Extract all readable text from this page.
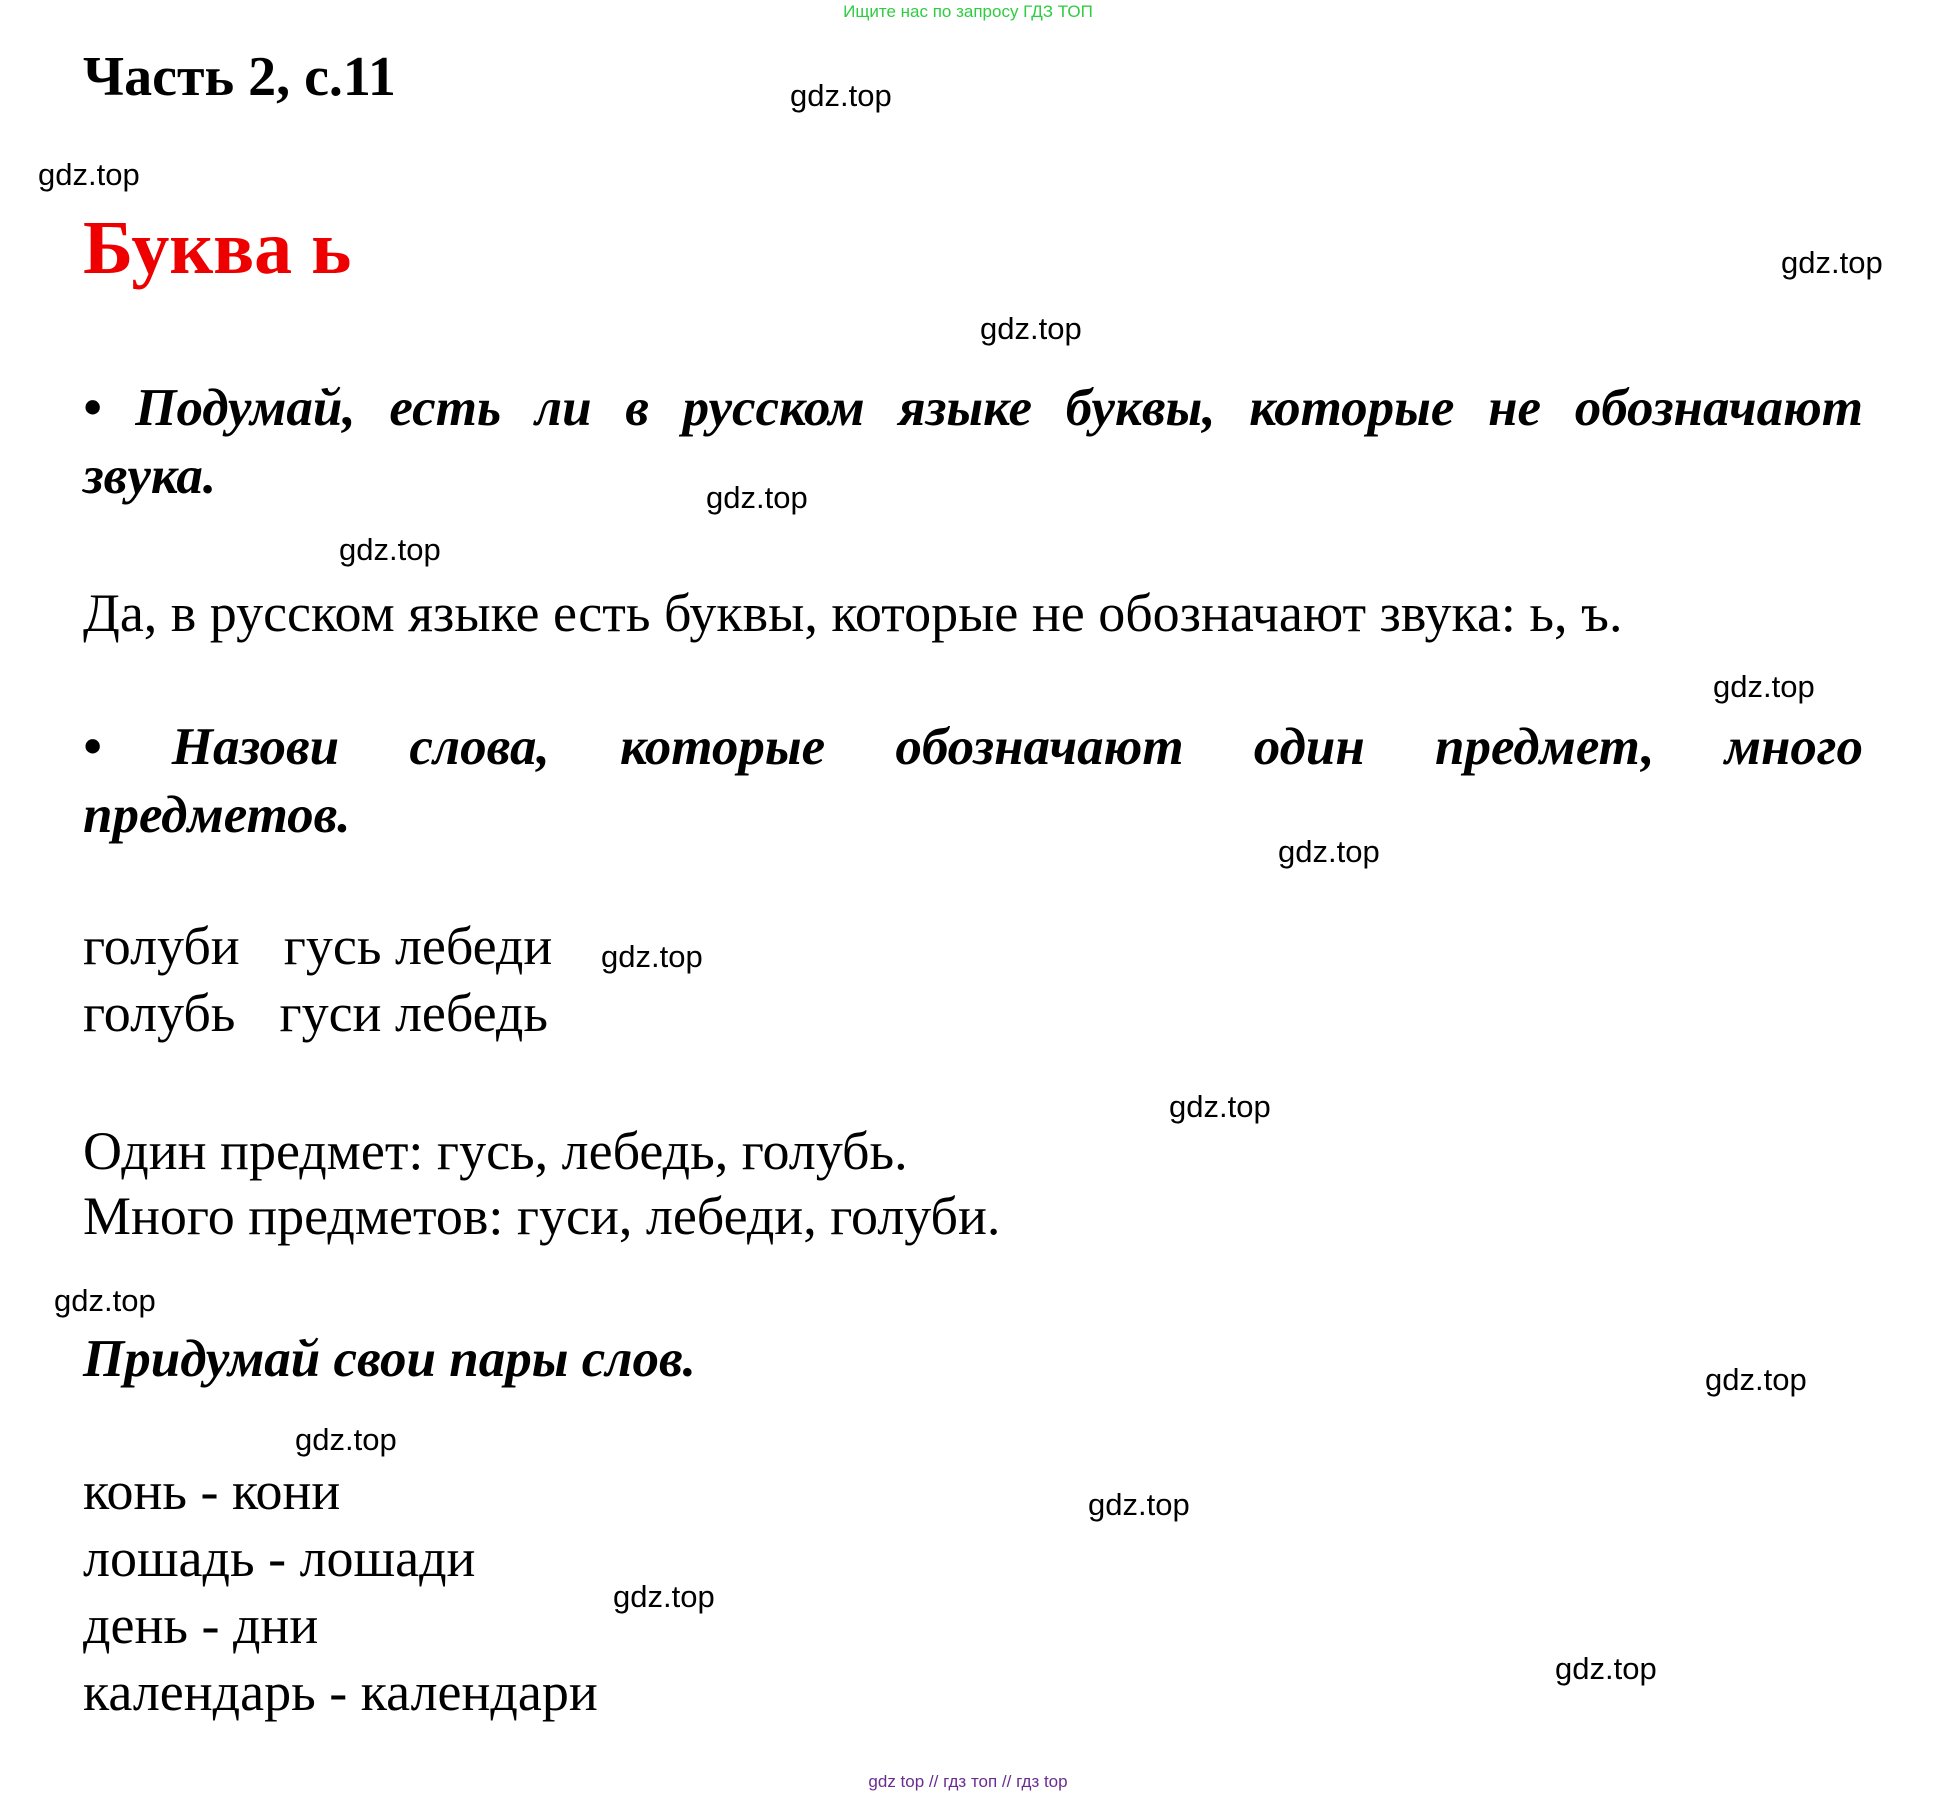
Ищите нас по запросу ГДЗ ТОП
Часть 2, с.11
Буква ь
• Подумай, есть ли в русском языке буквы, которые не обозначают
звука.
Да, в русском языке есть буквы, которые не обозначают звука: ь, ъ.
• Назови слова, которые обозначают один предмет, много
предметов.
голуби гусь лебеди
голубь гуси лебедь
Один предмет: гусь, лебедь, голубь.
Много предметов: гуси, лебеди, голуби.
Придумай свои пары слов.
конь - кони
лошадь - лошади
день - дни
календарь - календари
gdz.top
gdz.top
gdz.top
gdz.top
gdz.top
gdz.top
gdz.top
gdz.top
gdz.top
gdz.top
gdz.top
gdz.top
gdz.top
gdz.top
gdz.top
gdz.top
gdz top // гдз топ // гдз top
